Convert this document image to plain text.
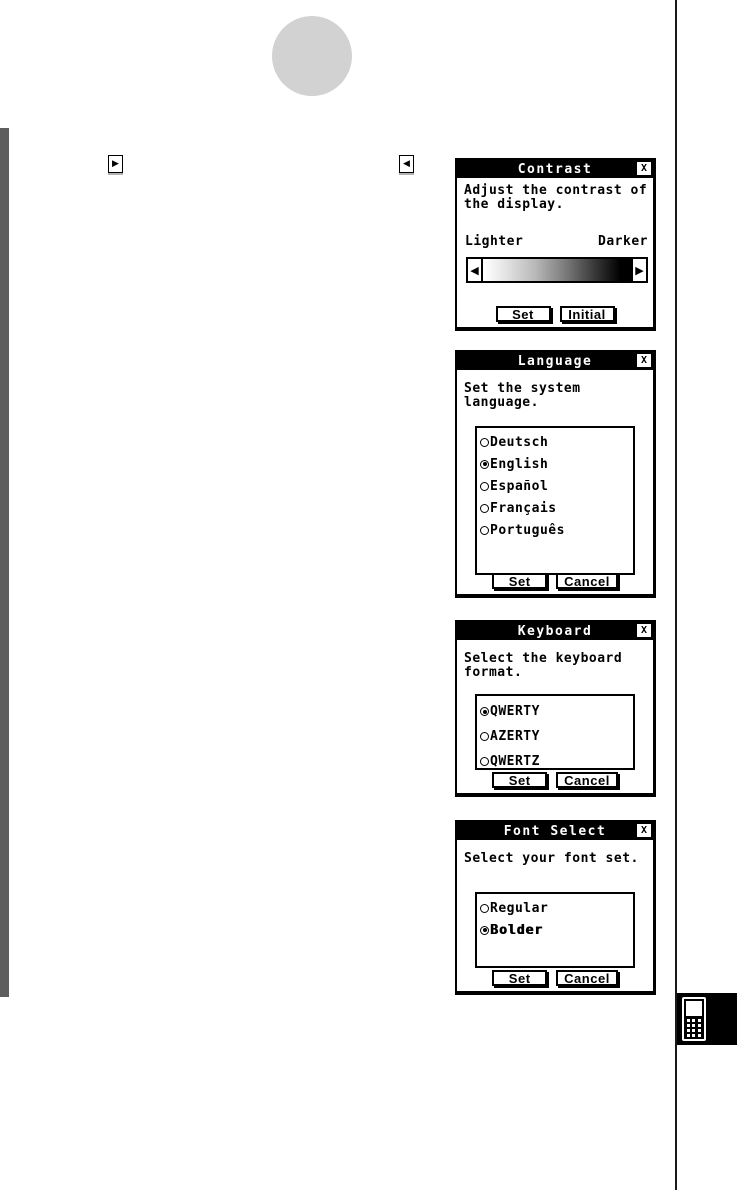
▶	◀	Contrast	X
Adjust the contrast of
the display.
Lighter	Darker
◀	▶
Set	Initial
Language	X
Set the system
language.
Deutsch
English
Español
Français
Português
Set	Cancel
Keyboard	X
Select the keyboard
format.
QWERTY
AZERTY
QWERTZ
Set	Cancel
Font Select	X
Select your font set.
Regular
Bolder
Set	Cancel
